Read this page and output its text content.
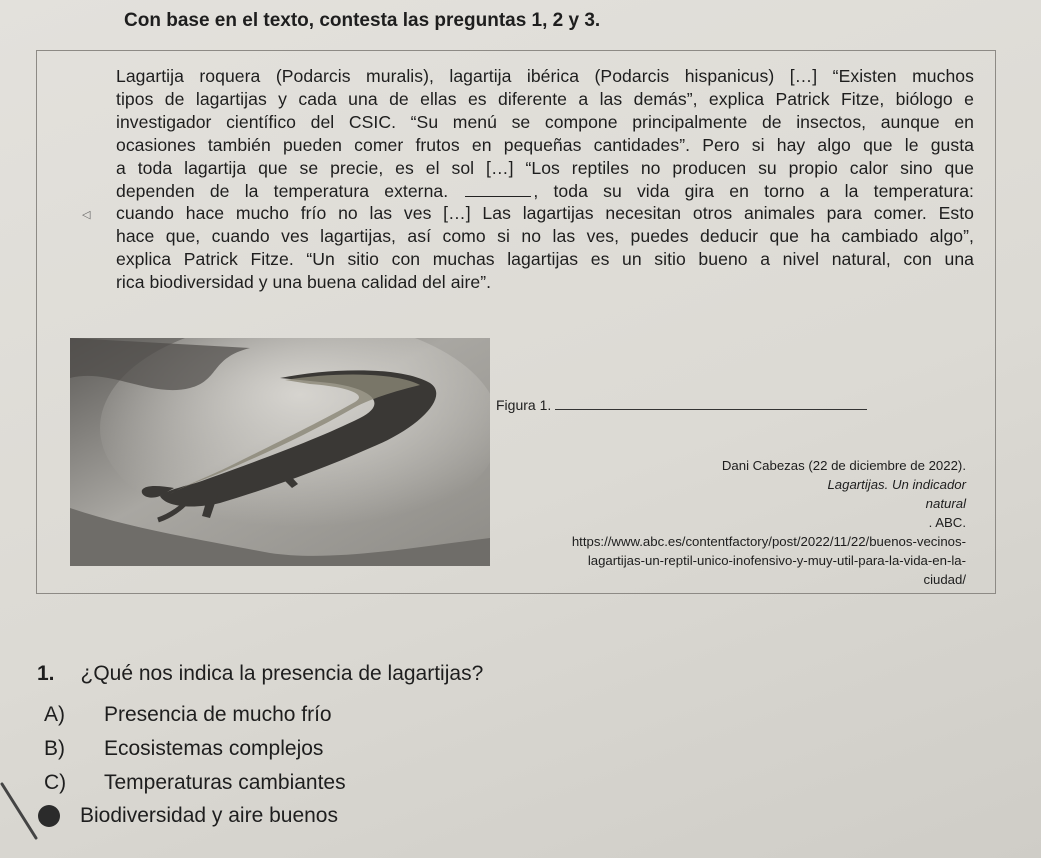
Con base en el texto, contesta las preguntas 1, 2 y 3.
◁
Lagartija roquera (Podarcis muralis), lagartija ibérica (Podarcis hispanicus) […] “Existen muchos
tipos de lagartijas y cada una de ellas es diferente a las demás”, explica Patrick Fitze, biólogo e
investigador científico del CSIC. “Su menú se compone principalmente de insectos, aunque en
ocasiones también pueden comer frutos en pequeñas cantidades”. Pero si hay algo que le gusta
a toda lagartija que se precie, es el sol […] “Los reptiles no producen su propio calor sino que
dependen de la temperatura externa.	, toda su vida gira en torno a la temperatura:
cuando hace mucho frío no las ves […] Las lagartijas necesitan otros animales para comer. Esto
hace que, cuando ves lagartijas, así como si no las ves, puedes deducir que ha cambiado algo”,
explica Patrick Fitze. “Un sitio con muchas lagartijas es un sitio bueno a nivel natural, con una
rica biodiversidad y una buena calidad del aire”.
Figura 1.
Dani Cabezas (22 de diciembre de 2022).
Lagartijas. Un indicador
natural
. ABC.
https://www.abc.es/contentfactory/post/2022/11/22/buenos-vecinos-
lagartijas-un-reptil-unico-inofensivo-y-muy-util-para-la-vida-en-la-
ciudad/
1. ¿Qué nos indica la presencia de lagartijas?
A) Presencia de mucho frío
B) Ecosistemas complejos
C) Temperaturas cambiantes
Biodiversidad y aire buenos
